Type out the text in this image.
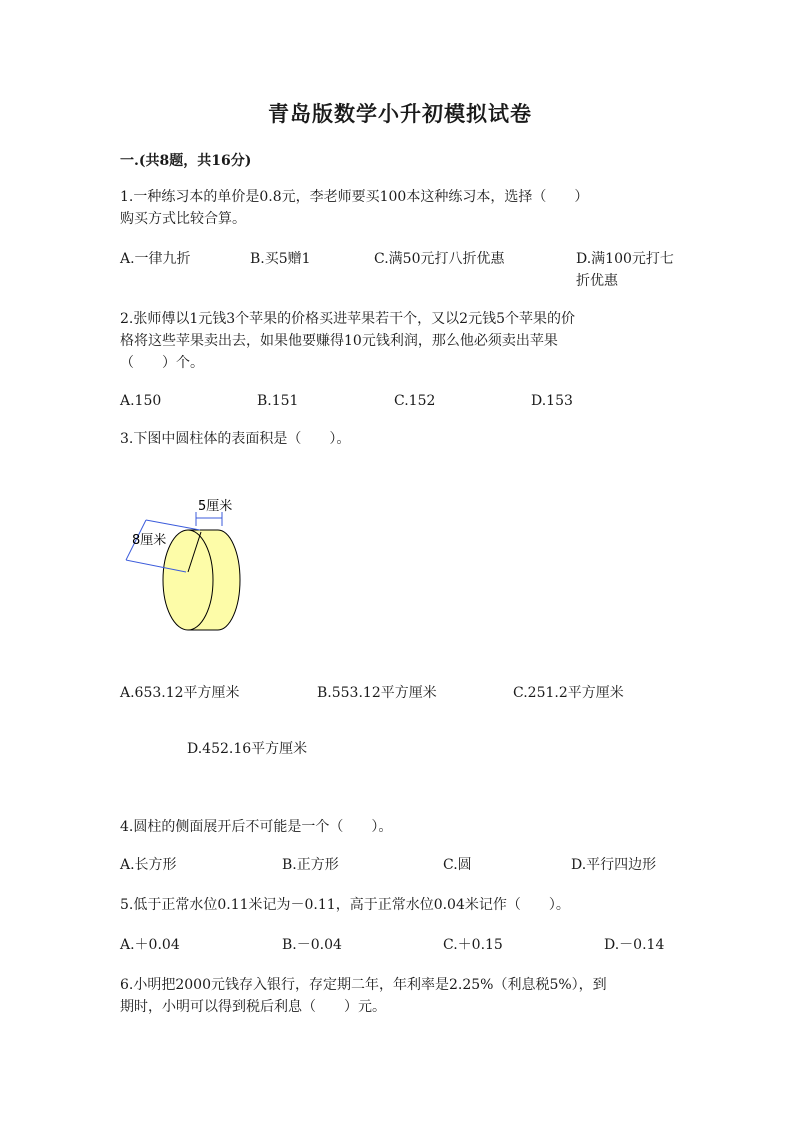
青岛版数学小升初模拟试卷
一.(共8题，共16分)
1.一种练习本的单价是0.8元，李老师要买100本这种练习本，选择（　　）
购买方式比较合算。
A.一律九折	B.买5赠1	C.满50元打八折优惠	D.满100元打七折优惠
2.张师傅以1元钱3个苹果的价格买进苹果若干个，又以2元钱5个苹果的价
格将这些苹果卖出去，如果他要赚得10元钱利润，那么他必须卖出苹果
（　　）个。
A.150	B.151	C.152	D.153
3.下图中圆柱体的表面积是（　　）。
5厘米
8厘米
A.653.12平方厘米	B.553.12平方厘米	C.251.2平方厘米
D.452.16平方厘米
4.圆柱的侧面展开后不可能是一个（　　）。
A.长方形	B.正方形	C.圆	D.平行四边形
5.低于正常水位0.11米记为－0.11，高于正常水位0.04米记作（　　）。
A.＋0.04	B.－0.04	C.＋0.15	D.－0.14
6.小明把2000元钱存入银行，存定期二年，年利率是2.25%（利息税5%），到
期时，小明可以得到税后利息（　　）元。
